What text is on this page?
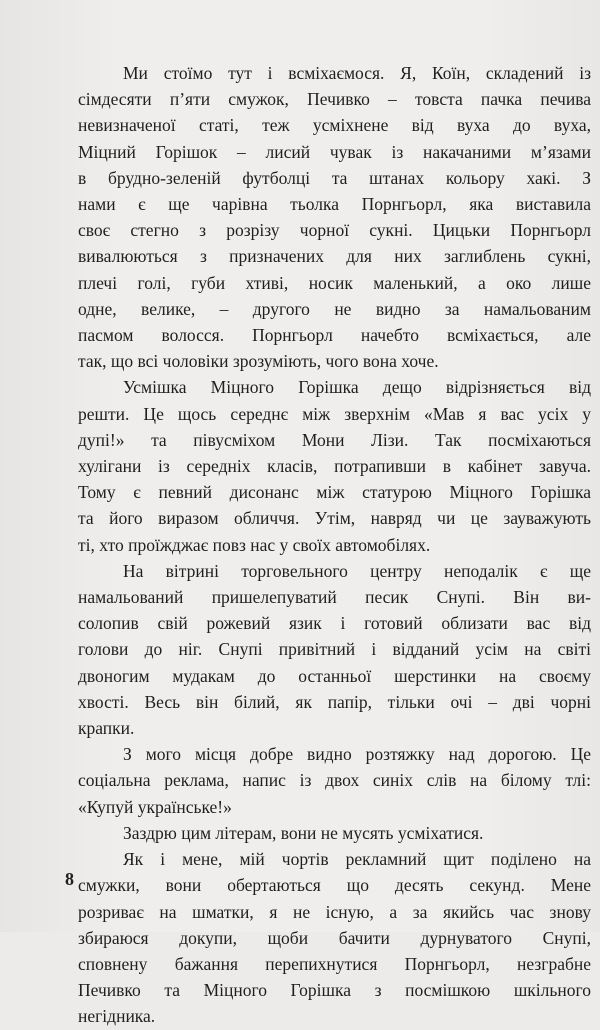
Ми стоїмо тут і всміхаємося. Я, Коїн, складений із
сімдесяти п’яти смужок, Печивко – товста пачка печива
невизначеної статі, теж усміхнене від вуха до вуха,
Міцний Горішок – лисий чувак із накачаними м’язами
в брудно-зеленій футболці та штанах кольору хакі. З
нами є ще чарівна тьолка Порнгьорл, яка виставила
своє стегно з розрізу чорної сукні. Цицьки Порнгьорл
вивалюються з призначених для них заглиблень сукні,
плечі голі, губи хтиві, носик маленький, а око лише
одне, велике, – другого не видно за намальованим
пасмом волосся. Порнгьорл начебто всміхається, але
так, що всі чоловіки зрозуміють, чого вона хоче.
Усмішка Міцного Горішка дещо відрізняється від
решти. Це щось середнє між зверхнім «Мав я вас усіх у
дупі!» та півусміхом Мони Лізи. Так посміхаються
хулігани із середніх класів, потрапивши в кабінет завуча.
Тому є певний дисонанс між статурою Міцного Горішка
та його виразом обличчя. Утім, навряд чи це зауважують
ті, хто проїжджає повз нас у своїх автомобілях.
На вітрині торговельного центру неподалік є ще
намальований пришелепуватий песик Снупі. Він ви-
солопив свій рожевий язик і готовий облизати вас від
голови до ніг. Снупі привітний і відданий усім на світі
двоногим мудакам до останньої шерстинки на своєму
хвості. Весь він білий, як папір, тільки очі – дві чорні
крапки.
З мого місця добре видно розтяжку над дорогою. Це
соціальна реклама, напис із двох синіх слів на білому тлі:
«Купуй українське!»
Заздрю цим літерам, вони не мусять усміхатися.
Як і мене, мій чортів рекламний щит поділено на
смужки, вони обертаються що десять секунд. Мене
розриває на шматки, я не існую, а за якийсь час знову
збираюся докупи, щоби бачити дурнуватого Снупі,
сповнену бажання перепихнутися Порнгьорл, незграбне
Печивко та Міцного Горішка з посмішкою шкільного
негідника.
8
